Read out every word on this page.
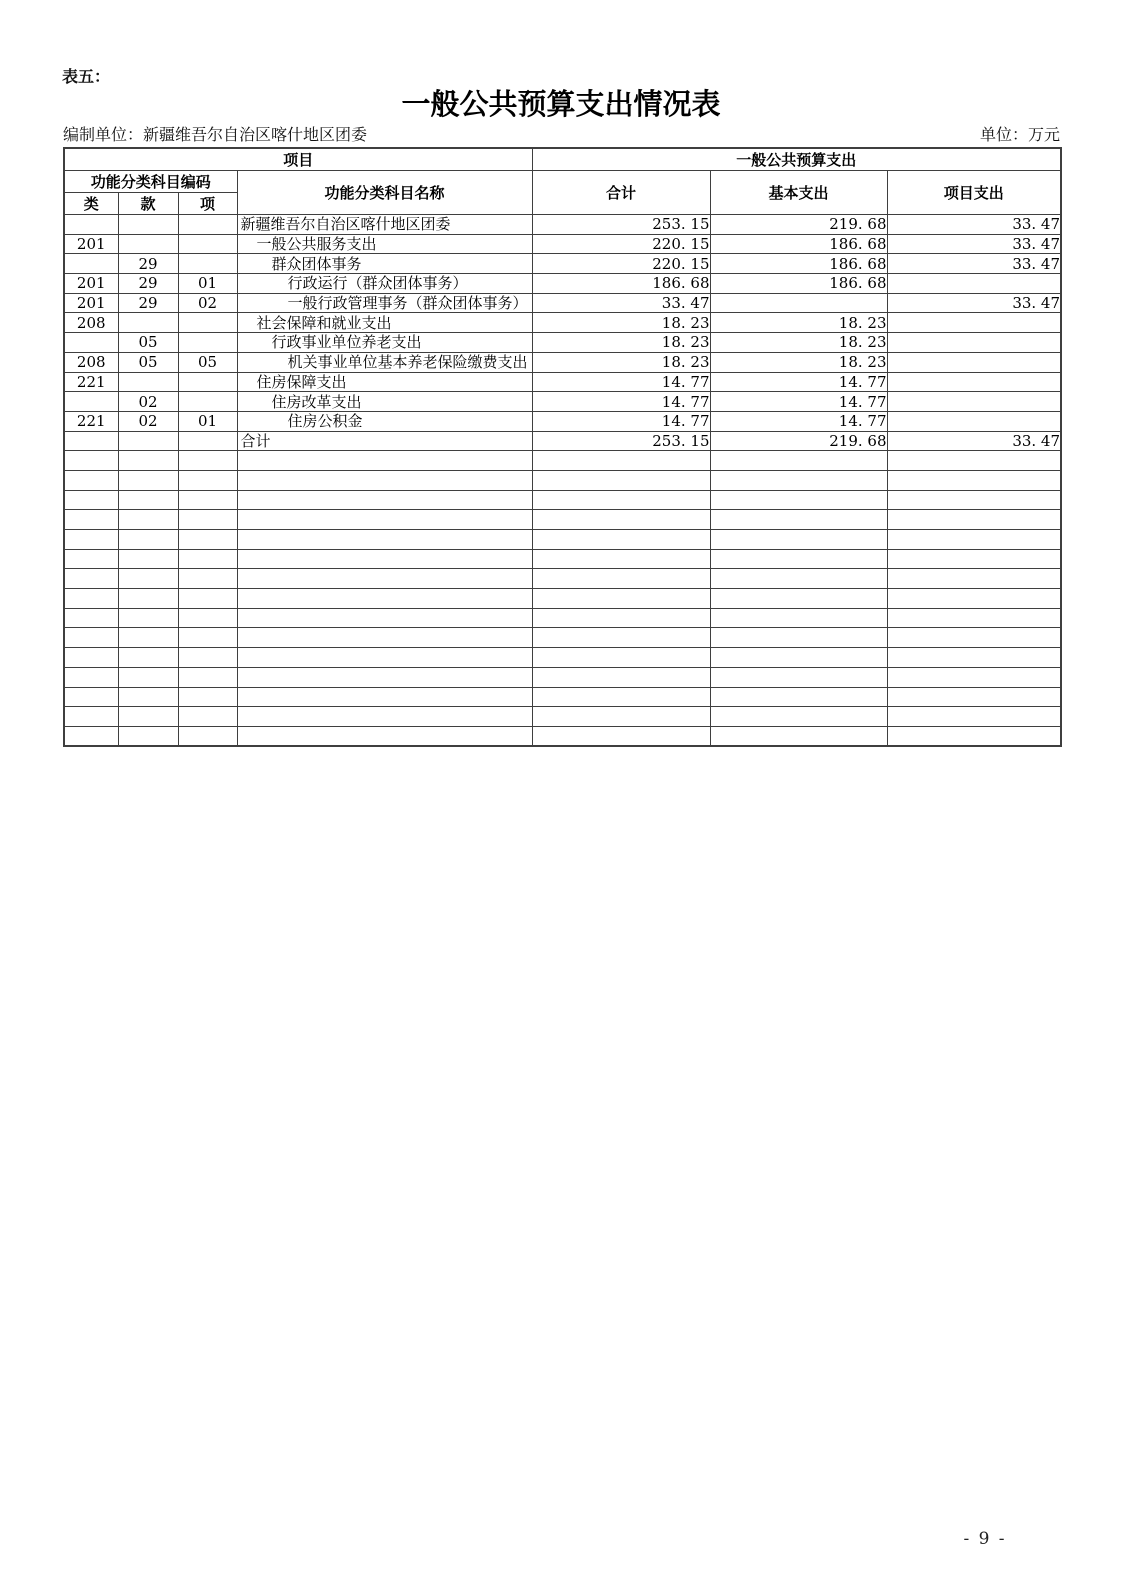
表五：
一般公共预算支出情况表
编制单位：新疆维吾尔自治区喀什地区团委	单位：万元
项目				一般公共预算支出		
功能分类科目编码			功能分类科目名称	合计	基本支出	项目支出
类	款	项				
			新疆维吾尔自治区喀什地区团委	253. 15	219. 68	33. 47
201			一般公共服务支出	220. 15	186. 68	33. 47
	29		群众团体事务	220. 15	186. 68	33. 47
201	29	01	行政运行（群众团体事务）	186. 68	186. 68	
201	29	02	一般行政管理事务（群众团体事务）	33. 47		33. 47
208			社会保障和就业支出	18. 23	18. 23	
	05		行政事业单位养老支出	18. 23	18. 23	
208	05	05	机关事业单位基本养老保险缴费支出	18. 23	18. 23	
221			住房保障支出	14. 77	14. 77	
	02		住房改革支出	14. 77	14. 77	
221	02	01	住房公积金	14. 77	14. 77	
			合计	253. 15	219. 68	33. 47

- 9 -
